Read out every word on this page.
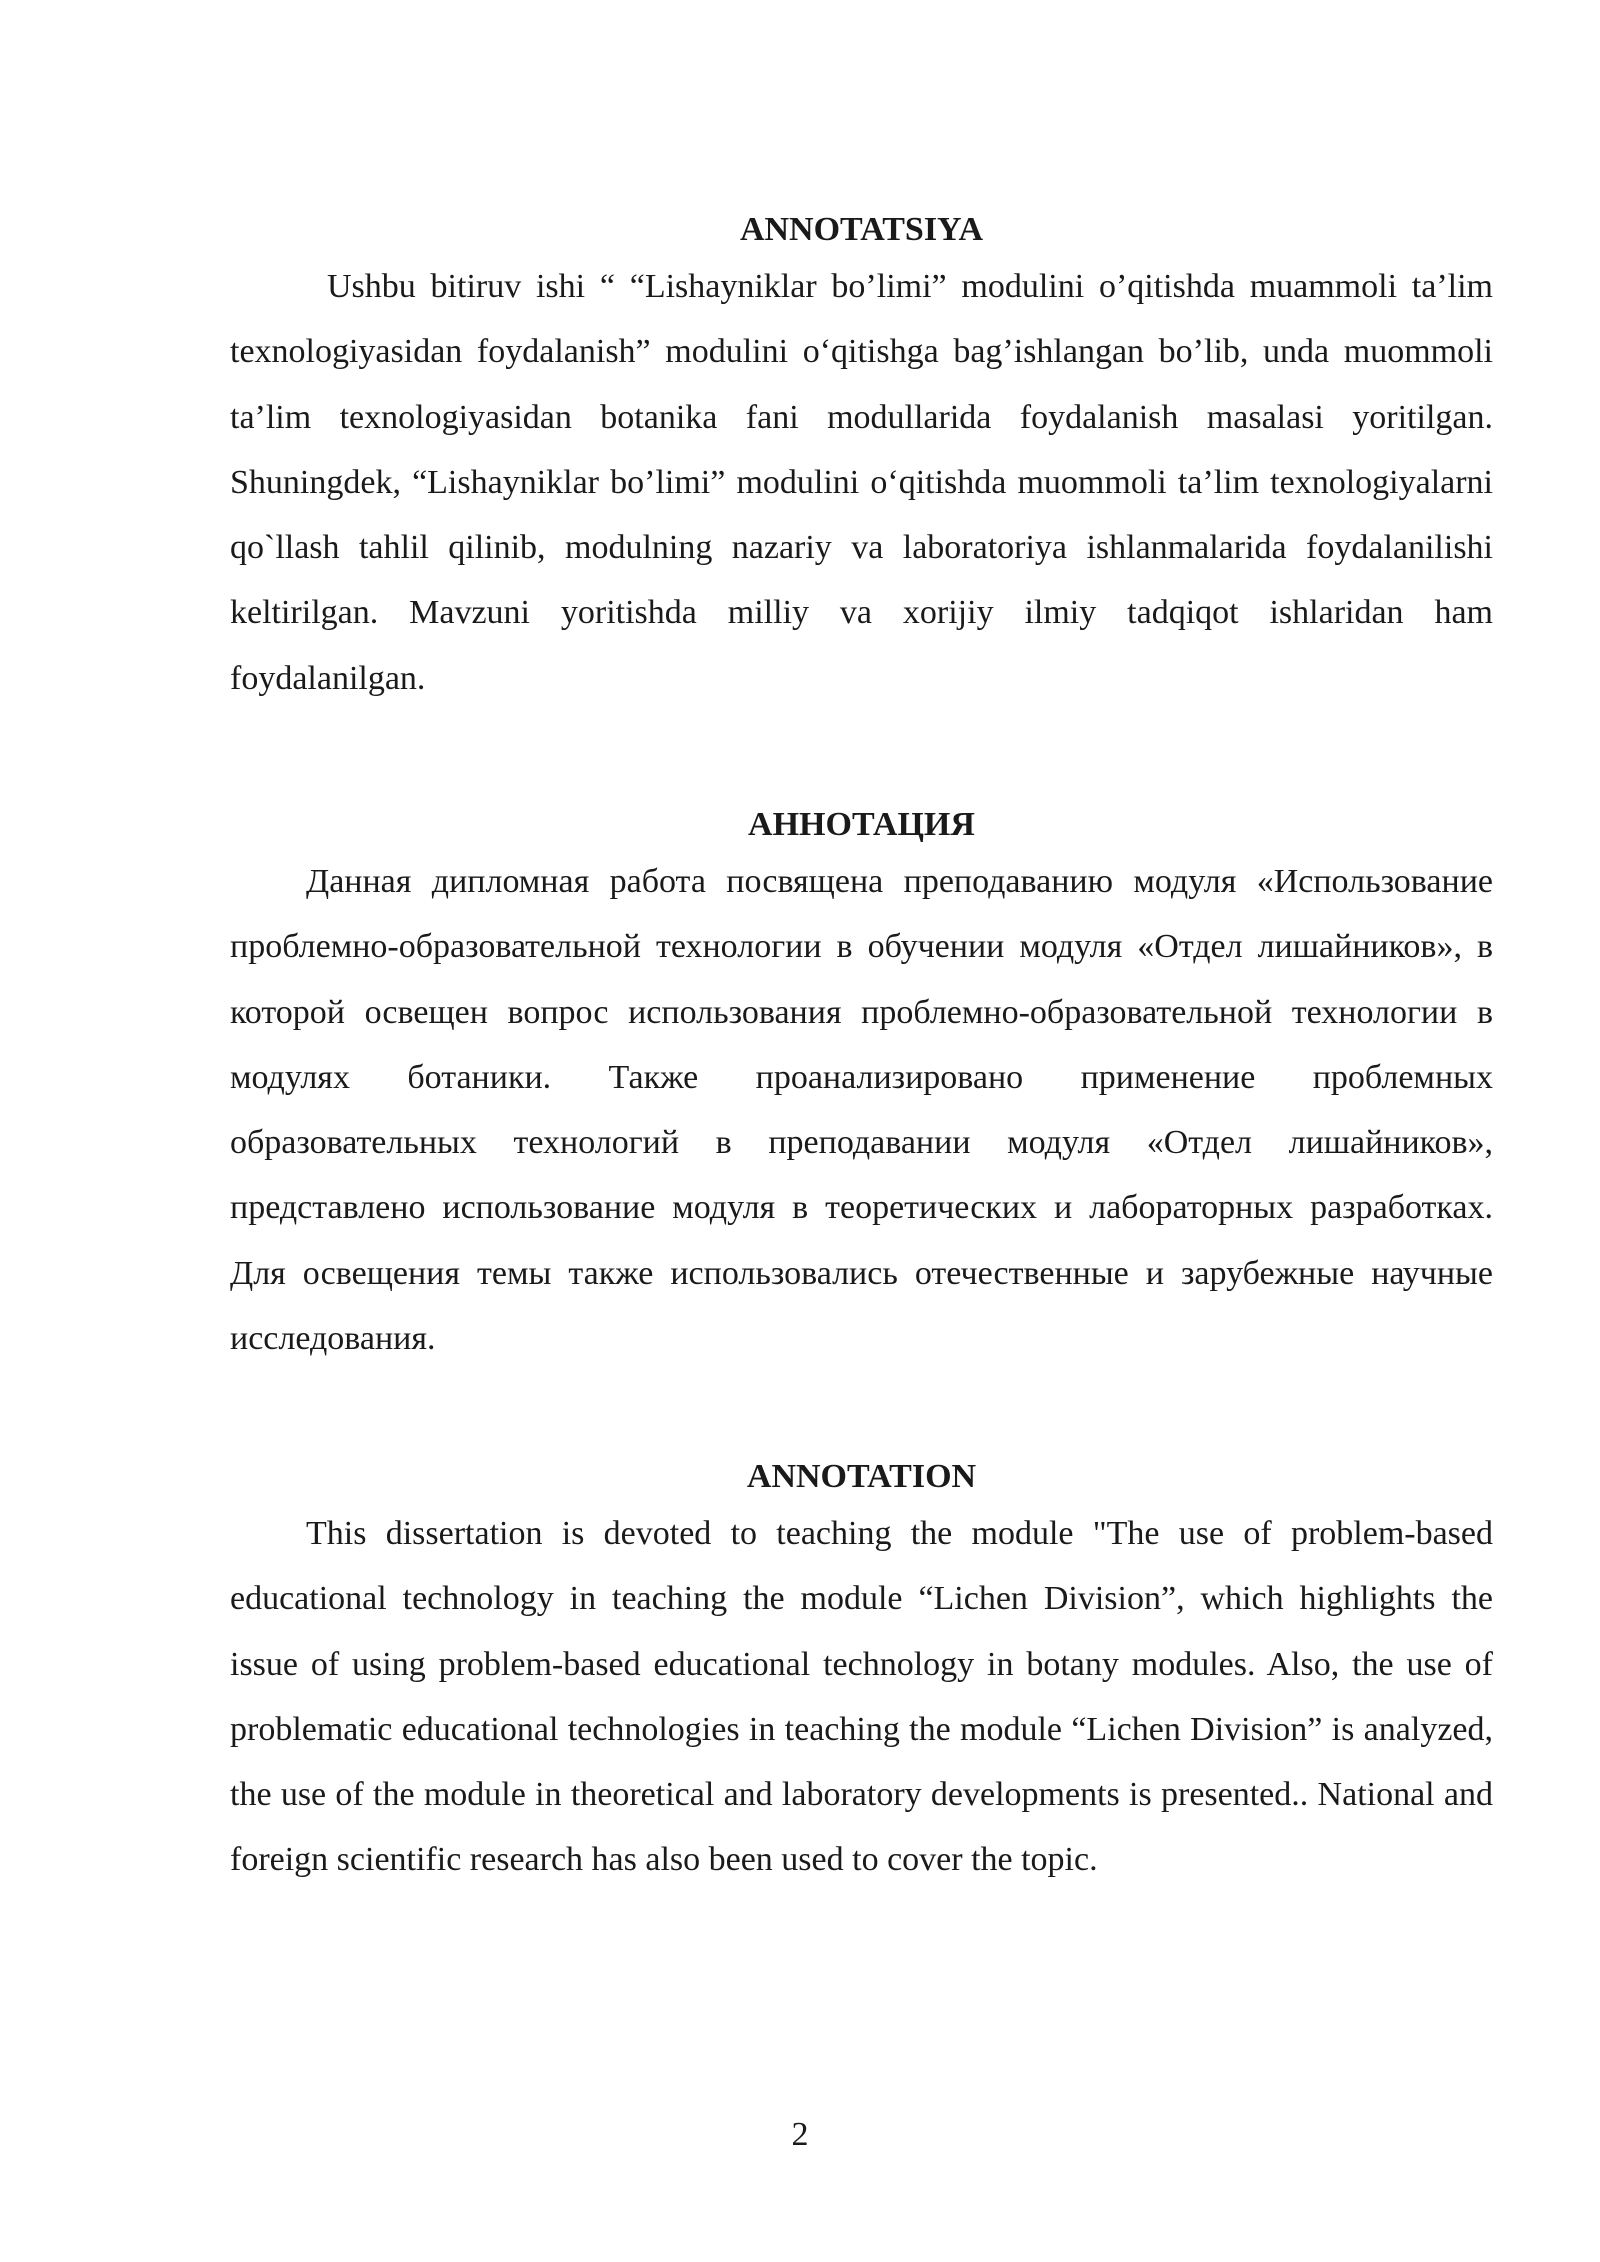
ANNOTATSIYA

Ushbu bitiruv ishi “ “Lishayniklar bo’limi” modulini o’qitishda muammoli ta’lim texnologiyasidan foydalanish” modulini o‘qitishga bag’ishlangan bo’lib, unda muommoli ta’lim texnologiyasidan botanika fani modullarida foydalanish masalasi yoritilgan. Shuningdek, “Lishayniklar bo’limi” modulini o‘qitishda muommoli ta’lim texnologiyalarni qo`llash tahlil qilinib, modulning nazariy va laboratoriya ishlanmalarida foydalanilishi keltirilgan. Mavzuni yoritishda milliy va xorijiy ilmiy tadqiqot ishlaridan ham foydalanilgan.

АННОТАЦИЯ

Данная дипломная работа посвящена преподаванию модуля «Использование проблемно-образовательной технологии в обучении модуля «Отдел лишайников», в которой освещен вопрос использования проблемно-образовательной технологии в модулях ботаники. Также проанализировано применение проблемных образовательных технологий в преподавании модуля «Отдел лишайников», представлено использование модуля в теоретических и лабораторных разработках. Для освещения темы также использовались отечественные и зарубежные научные исследования.

ANNOTATION

This dissertation is devoted to teaching the module "The use of problem-based educational technology in teaching the module “Lichen Division”, which highlights the issue of using problem-based educational technology in botany modules. Also, the use of problematic educational technologies in teaching the module “Lichen Division” is analyzed, the use of the module in theoretical and laboratory developments is presented.. National and foreign scientific research has also been used to cover the topic.

2
